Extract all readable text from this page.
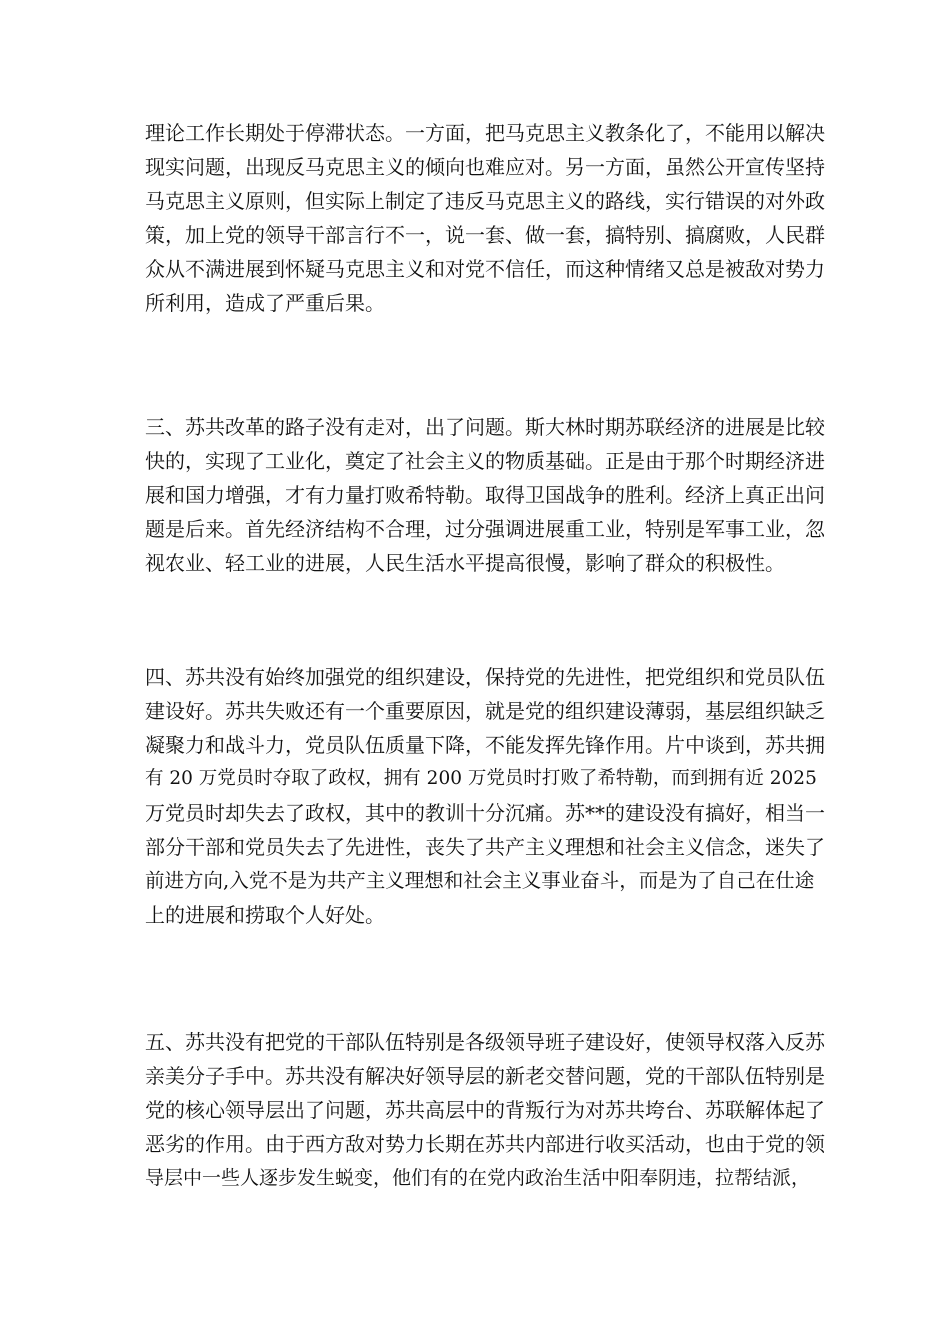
理论工作长期处于停滞状态。一方面，把马克思主义教条化了，不能用以解决
现实问题，出现反马克思主义的倾向也难应对。另一方面，虽然公开宣传坚持
马克思主义原则，但实际上制定了违反马克思主义的路线，实行错误的对外政
策，加上党的领导干部言行不一，说一套、做一套，搞特别、搞腐败，人民群
众从不满进展到怀疑马克思主义和对党不信任，而这种情绪又总是被敌对势力
所利用，造成了严重后果。
三、苏共改革的路子没有走对，出了问题。斯大林时期苏联经济的进展是比较
快的，实现了工业化，奠定了社会主义的物质基础。正是由于那个时期经济进
展和国力增强，才有力量打败希特勒。取得卫国战争的胜利。经济上真正出问
题是后来。首先经济结构不合理，过分强调进展重工业，特别是军事工业，忽
视农业、轻工业的进展，人民生活水平提高很慢，影响了群众的积极性。
四、苏共没有始终加强党的组织建设，保持党的先进性，把党组织和党员队伍
建设好。苏共失败还有一个重要原因，就是党的组织建设薄弱，基层组织缺乏
凝聚力和战斗力，党员队伍质量下降，不能发挥先锋作用。片中谈到，苏共拥
有 20 万党员时夺取了政权，拥有 200 万党员时打败了希特勒，而到拥有近 2025
万党员时却失去了政权，其中的教训十分沉痛。苏**的建设没有搞好，相当一
部分干部和党员失去了先进性，丧失了共产主义理想和社会主义信念，迷失了
前进方向,入党不是为共产主义理想和社会主义事业奋斗，而是为了自己在仕途
上的进展和捞取个人好处。
五、苏共没有把党的干部队伍特别是各级领导班子建设好，使领导权落入反苏
亲美分子手中。苏共没有解决好领导层的新老交替问题，党的干部队伍特别是
党的核心领导层出了问题，苏共高层中的背叛行为对苏共垮台、苏联解体起了
恶劣的作用。由于西方敌对势力长期在苏共内部进行收买活动，也由于党的领
导层中一些人逐步发生蜕变，他们有的在党内政治生活中阳奉阴违，拉帮结派，
